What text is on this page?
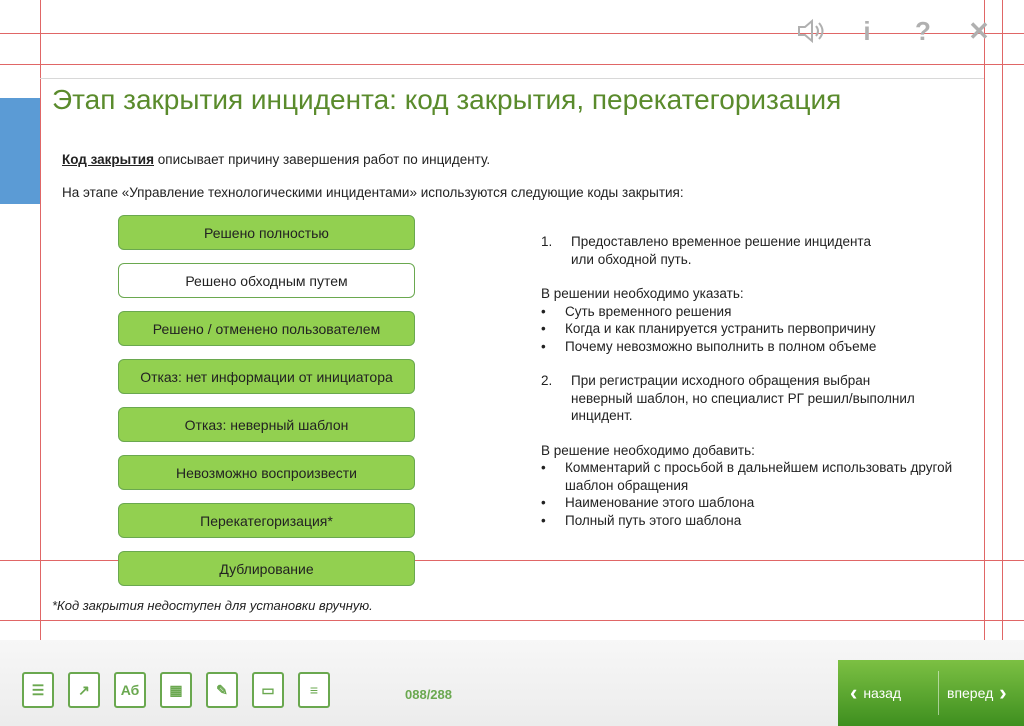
i	? ✕
Этап закрытия инцидента: код закрытия, перекатегоризация
Код закрытия описывает причину завершения работ по инциденту.
На этапе «Управление технологическими инцидентами» используются следующие коды закрытия:
Решено полностью
Решено обходным путем
Решено / отменено пользователем
Отказ: нет информации от инициатора
Отказ: неверный шаблон
Невозможно воспроизвести
Перекатегоризация*
Дублирование
*Код закрытия недоступен для установки вручную.
1.	Предоставлено временное решение инцидента
или обходной путь.
В решении необходимо указать:
•	Суть временного решения
•	Когда и как планируется устранить первопричину
•	Почему невозможно выполнить в полном объеме
2.	При регистрации исходного обращения выбран
неверный шаблон, но специалист РГ решил/выполнил
инцидент.
В решение необходимо добавить:
•	Комментарий с просьбой в дальнейшем использовать другой шаблон обращения
•	Наименование этого шаблона
•	Полный путь этого шаблона
☰	↗	Аб	▦	✎	▭	≡	088/288	‹ назад	вперед ›
